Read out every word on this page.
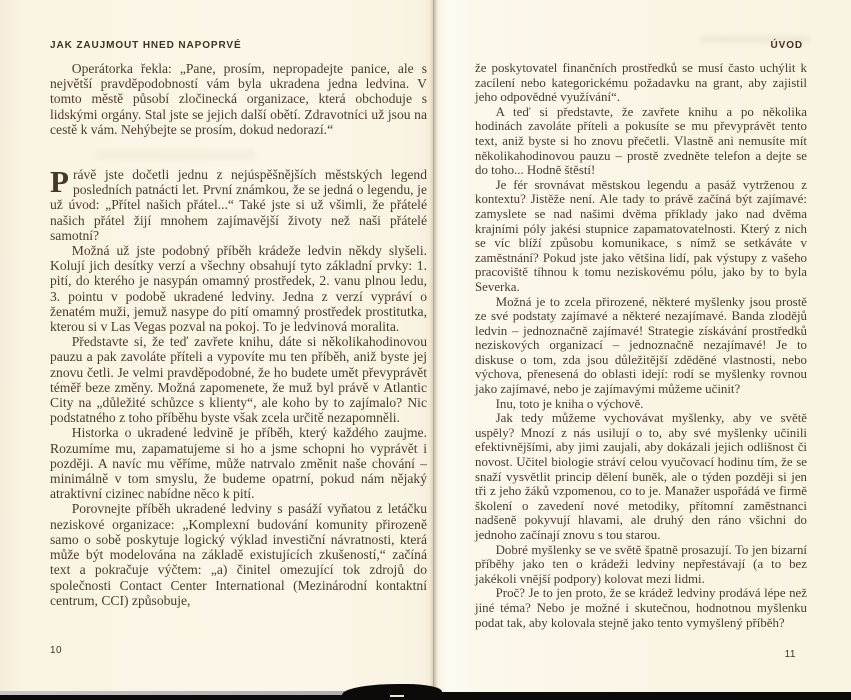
JAK ZAUJMOUT HNED NAPOPRVÉ

Operátorka řekla: „Pane, prosím, nepropadejte panice, ale s největší pravděpodobností vám byla ukradena jedna ledvina. V tomto městě působí zločinecká organizace, která obchoduje s lidskými orgány. Stal jste se jejich další obětí. Zdravotníci už jsou na cestě k vám. Nehýbejte se prosím, dokud nedorazí.“

Právě jste dočetli jednu z nejúspěšnějších městských legend posledních patnácti let. První známkou, že se jedná o legendu, je už úvod: „Přítel našich přátel...“ Také jste si už všimli, že přátelé našich přátel žijí mnohem zajímavější životy než naši přátelé samotní?

Možná už jste podobný příběh krádeže ledvin někdy slyšeli. Kolují jich desítky verzí a všechny obsahují tyto základní prvky: 1. pití, do kterého je nasypán omamný prostředek, 2. vanu plnou ledu, 3. pointu v podobě ukradené ledviny. Jedna z verzí vypráví o ženatém muži, jemuž nasype do pití omamný prostředek prostitutka, kterou si v Las Vegas pozval na pokoj. To je ledvinová moralita.

Představte si, že teď zavřete knihu, dáte si několikahodinovou pauzu a pak zavoláte příteli a vypovíte mu ten příběh, aniž byste jej znovu četli. Je velmi pravděpodobné, že ho budete umět převyprávět téměř beze změny. Možná zapomenete, že muž byl právě v Atlantic City na „důležité schůzce s klienty“, ale koho by to zajímalo? Nic podstatného z toho příběhu byste však zcela určitě nezapomněli.

Historka o ukradené ledvině je příběh, který každého zaujme. Rozumíme mu, zapamatujeme si ho a jsme schopni ho vyprávět i později. A navíc mu věříme, může natrvalo změnit naše chování – minimálně v tom smyslu, že budeme opatrní, pokud nám nějaký atraktivní cizinec nabídne něco k pití.

Porovnejte příběh ukradené ledviny s pasáží vyňatou z letáčku neziskové organizace: „Komplexní budování komunity přirozeně samo o sobě poskytuje logický výklad investiční návratnosti, která může být modelována na základě existujících zkušeností,“ začíná text a pokračuje výčtem: „a) činitel omezující tok zdrojů do společnosti Contact Center International (Mezinárodní kontaktní centrum, CCI) způsobuje,

10
ÚVOD

že poskytovatel finančních prostředků se musí často uchýlit k zacílení nebo kategorickému požadavku na grant, aby zajistil jeho odpovědné využívání“.

A teď si představte, že zavřete knihu a po několika hodinách zavoláte příteli a pokusíte se mu převyprávět tento text, aniž byste si ho znovu přečetli. Vlastně ani nemusíte mít několikahodinovou pauzu – prostě zvedněte telefon a dejte se do toho... Hodně štěstí!

Je fér srovnávat městskou legendu a pasáž vytrženou z kontextu? Jistěže není. Ale tady to právě začíná být zajímavé: zamyslete se nad našimi dvěma příklady jako nad dvěma krajními póly jakési stupnice zapamatovatelnosti. Který z nich se víc blíží způsobu komunikace, s nímž se setkáváte v zaměstnání? Pokud jste jako většina lidí, pak výstupy z vašeho pracoviště tíhnou k tomu neziskovému pólu, jako by to byla Severka.

Možná je to zcela přirozené, některé myšlenky jsou prostě ze své podstaty zajímavé a některé nezajímavé. Banda zlodějů ledvin – jednoznačně zajímavé! Strategie získávání prostředků neziskových organizací – jednoznačně nezajímavé! Je to diskuse o tom, zda jsou důležitější zděděné vlastnosti, nebo výchova, přenesená do oblasti idejí: rodí se myšlenky rovnou jako zajímavé, nebo je zajímavými můžeme učinit?

Inu, toto je kniha o výchově.

Jak tedy můžeme vychovávat myšlenky, aby ve světě uspěly? Mnozí z nás usilují o to, aby své myšlenky učinili efektivnějšími, aby jimi zaujali, aby dokázali jejich odlišnost či novost. Učitel biologie stráví celou vyučovací hodinu tím, že se snaží vysvětlit princip dělení buněk, ale o týden později si jen tři z jeho žáků vzpomenou, co to je. Manažer uspořádá ve firmě školení o zavedení nové metodiky, přítomní zaměstnanci nadšeně pokyvují hlavami, ale druhý den ráno všichni do jednoho začínají znovu s tou starou.

Dobré myšlenky se ve světě špatně prosazují. To jen bizarní příběhy jako ten o krádeži ledviny nepřestávají (a to bez jakékoli vnější podpory) kolovat mezi lidmi.

Proč? Je to jen proto, že se krádež ledviny prodává lépe než jiné téma? Nebo je možné i skutečnou, hodnotnou myšlenku podat tak, aby kolovala stejně jako tento vymyšlený příběh?

11
